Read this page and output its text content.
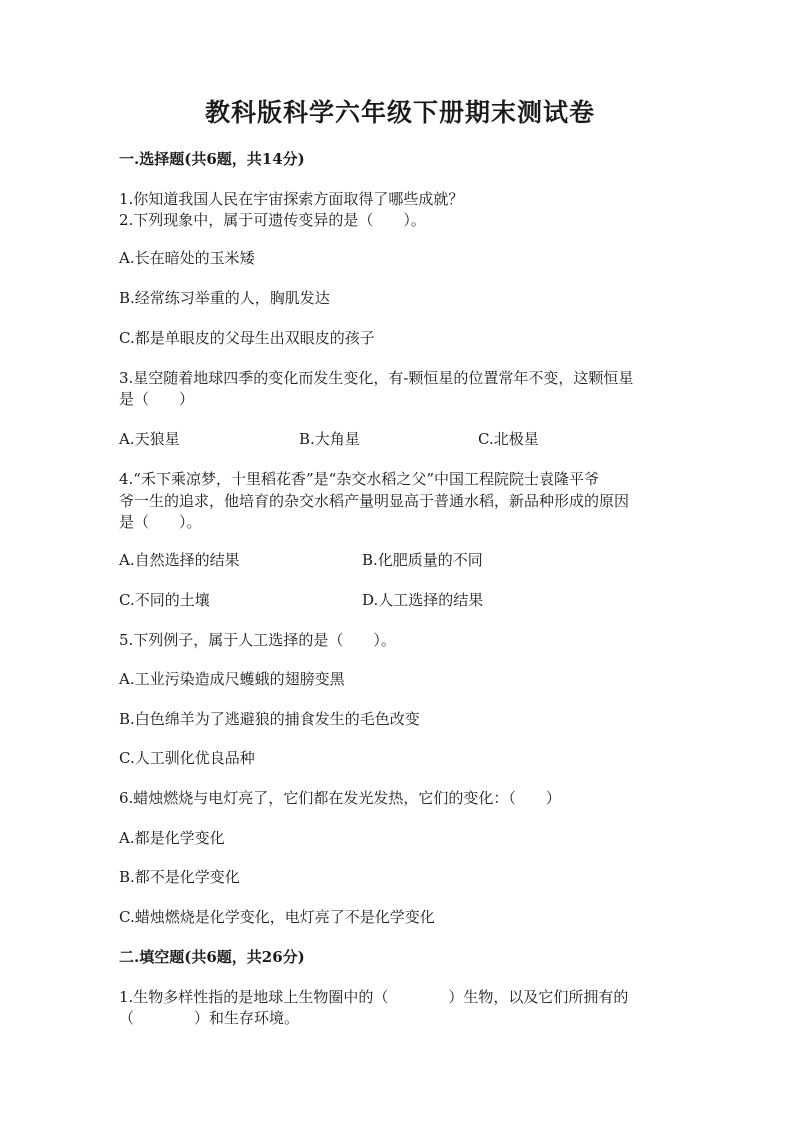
教科版科学六年级下册期末测试卷
一.选择题(共6题，共14分)
1.你知道我国人民在宇宙探索方面取得了哪些成就？
2.下列现象中，属于可遗传变异的是（　　）。
A.长在暗处的玉米矮
B.经常练习举重的人，胸肌发达
C.都是单眼皮的父母生出双眼皮的孩子
3.星空随着地球四季的变化而发生变化，有-颗恒星的位置常年不变，这颗恒星
是（　　）
A.天狼星	B.大角星	C.北极星
4.“禾下乘凉梦，十里稻花香”是“杂交水稻之父”中国工程院院士袁隆平爷
爷一生的追求，他培育的杂交水稻产量明显高于普通水稻，新品种形成的原因
是（　　）。
A.自然选择的结果	B.化肥质量的不同
C.不同的土壤	D.人工选择的结果
5.下列例子，属于人工选择的是（　　）。
A.工业污染造成尺蠖蛾的翅膀变黑
B.白色绵羊为了逃避狼的捕食发生的毛色改变
C.人工驯化优良品种
6.蜡烛燃烧与电灯亮了，它们都在发光发热，它们的变化：（　　）
A.都是化学变化
B.都不是化学变化
C.蜡烛燃烧是化学变化，电灯亮了不是化学变化
二.填空题(共6题，共26分)
1.生物多样性指的是地球上生物圈中的（　　　　）生物，以及它们所拥有的
（　　　　）和生存环境。
